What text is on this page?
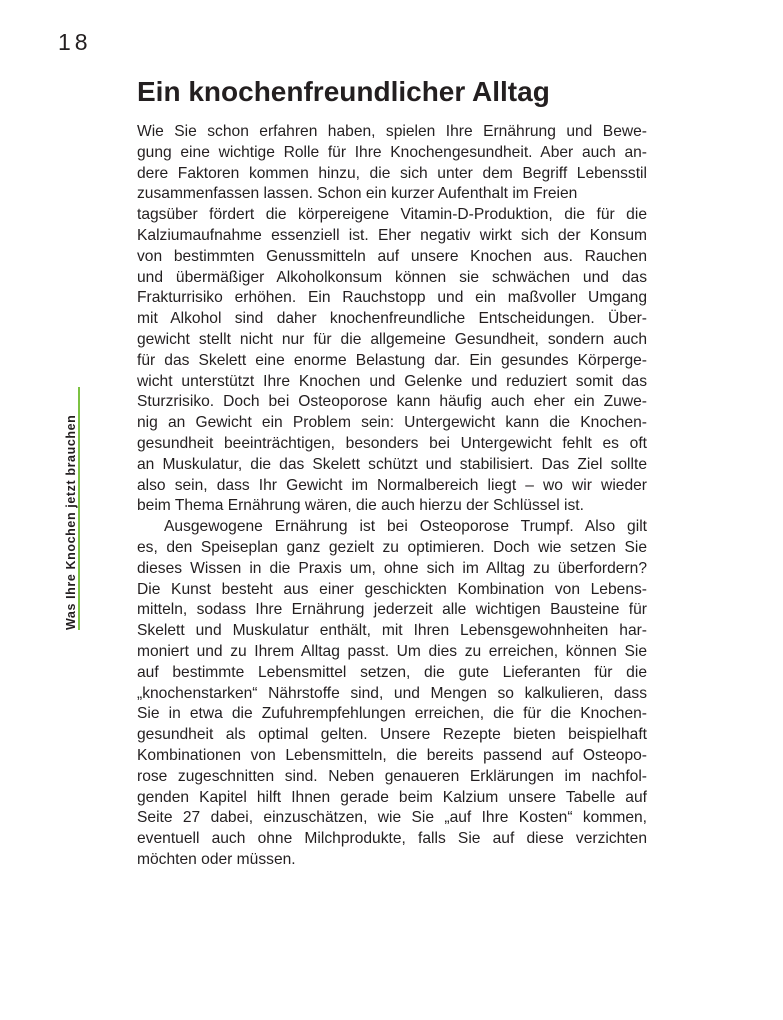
18
Was Ihre Knochen jetzt brauchen
Ein knochenfreundlicher Alltag
Wie Sie schon erfahren haben, spielen Ihre Ernährung und Bewe-
gung eine wichtige Rolle für Ihre Knochengesundheit. Aber auch an-
dere Faktoren kommen hinzu, die sich unter dem Begriff Lebensstil
zusammenfassen lassen. Schon ein kurzer Aufenthalt im Freien
tagsüber fördert die körpereigene Vitamin-D-Produktion, die für die
Kalziumaufnahme essenziell ist. Eher negativ wirkt sich der Konsum
von bestimmten Genussmitteln auf unsere Knochen aus. Rauchen
und übermäßiger Alkoholkonsum können sie schwächen und das
Frakturrisiko erhöhen. Ein Rauchstopp und ein maßvoller Umgang
mit Alkohol sind daher knochenfreundliche Entscheidungen. Über-
gewicht stellt nicht nur für die allgemeine Gesundheit, sondern auch
für das Skelett eine enorme Belastung dar. Ein gesundes Körperge-
wicht unterstützt Ihre Knochen und Gelenke und reduziert somit das
Sturzrisiko. Doch bei Osteoporose kann häufig auch eher ein Zuwe-
nig an Gewicht ein Problem sein: Untergewicht kann die Knochen-
gesundheit beeinträchtigen, besonders bei Untergewicht fehlt es oft
an Muskulatur, die das Skelett schützt und stabilisiert. Das Ziel sollte
also sein, dass Ihr Gewicht im Normalbereich liegt – wo wir wieder
beim Thema Ernährung wären, die auch hierzu der Schlüssel ist.
Ausgewogene Ernährung ist bei Osteoporose Trumpf. Also gilt
es, den Speiseplan ganz gezielt zu optimieren. Doch wie setzen Sie
dieses Wissen in die Praxis um, ohne sich im Alltag zu überfordern?
Die Kunst besteht aus einer geschickten Kombination von Lebens-
mitteln, sodass Ihre Ernährung jederzeit alle wichtigen Bausteine für
Skelett und Muskulatur enthält, mit Ihren Lebensgewohnheiten har-
moniert und zu Ihrem Alltag passt. Um dies zu erreichen, können Sie
auf bestimmte Lebensmittel setzen, die gute Lieferanten für die
„knochenstarken“ Nährstoffe sind, und Mengen so kalkulieren, dass
Sie in etwa die Zufuhrempfehlungen erreichen, die für die Knochen-
gesundheit als optimal gelten. Unsere Rezepte bieten beispielhaft
Kombinationen von Lebensmitteln, die bereits passend auf Osteopo-
rose zugeschnitten sind. Neben genaueren Erklärungen im nachfol-
genden Kapitel hilft Ihnen gerade beim Kalzium unsere Tabelle auf
Seite 27 dabei, einzuschätzen, wie Sie „auf Ihre Kosten“ kommen,
eventuell auch ohne Milchprodukte, falls Sie auf diese verzichten
möchten oder müssen.
